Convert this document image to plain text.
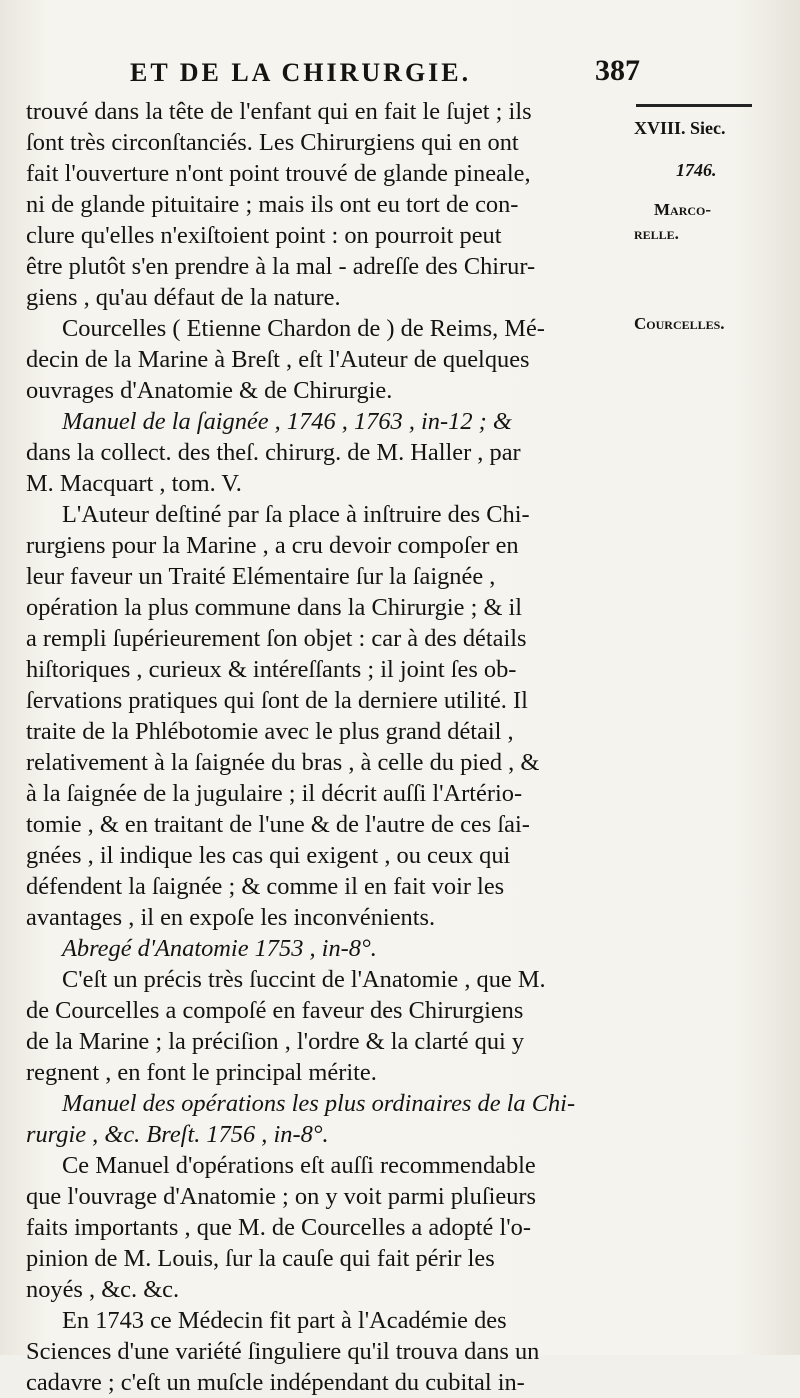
ET DE LA CHIRURGIE.	387
XVIII. Siec.
1746.
Marco-
relle.
Courcelles.
trouvé dans la tête de l'enfant qui en fait le ſujet ; ils
ſont très circonſtanciés. Les Chirurgiens qui en ont
fait l'ouverture n'ont point trouvé de glande pineale,
ni de glande pituitaire ; mais ils ont eu tort de con-
clure qu'elles n'exiſtoient point : on pourroit peut
être plutôt s'en prendre à la mal - adreſſe des Chirur-
giens , qu'au défaut de la nature.
Courcelles ( Etienne Chardon de ) de Reims, Mé-
decin de la Marine à Breſt , eſt l'Auteur de quelques
ouvrages d'Anatomie & de Chirurgie.
Manuel de la ſaignée , 1746 , 1763 , in-12 ; &
dans la collect. des theſ. chirurg. de M. Haller , par
M. Macquart , tom. V.
L'Auteur deſtiné par ſa place à inſtruire des Chi-
rurgiens pour la Marine , a cru devoir compoſer en
leur faveur un Traité Elémentaire ſur la ſaignée ,
opération la plus commune dans la Chirurgie ; & il
a rempli ſupérieurement ſon objet : car à des détails
hiſtoriques , curieux & intéreſſants ; il joint ſes ob-
ſervations pratiques qui ſont de la derniere utilité. Il
traite de la Phlébotomie avec le plus grand détail ,
relativement à la ſaignée du bras , à celle du pied , &
à la ſaignée de la jugulaire ; il décrit auſſi l'Artério-
tomie , & en traitant de l'une & de l'autre de ces ſai-
gnées , il indique les cas qui exigent , ou ceux qui
défendent la ſaignée ; & comme il en fait voir les
avantages , il en expoſe les inconvénients.
Abregé d'Anatomie 1753 , in-8°.
C'eſt un précis très ſuccint de l'Anatomie , que M.
de Courcelles a compoſé en faveur des Chirurgiens
de la Marine ; la préciſion , l'ordre & la clarté qui y
regnent , en font le principal mérite.
Manuel des opérations les plus ordinaires de la Chi-
rurgie , &c. Breſt. 1756 , in-8°.
Ce Manuel d'opérations eſt auſſi recommendable
que l'ouvrage d'Anatomie ; on y voit parmi pluſieurs
faits importants , que M. de Courcelles a adopté l'o-
pinion de M. Louis, ſur la cauſe qui fait périr les
noyés , &c. &c.
En 1743 ce Médecin fit part à l'Académie des
Sciences d'une variété ſinguliere qu'il trouva dans un
cadavre ; c'eſt un muſcle indépendant du cubital in-
